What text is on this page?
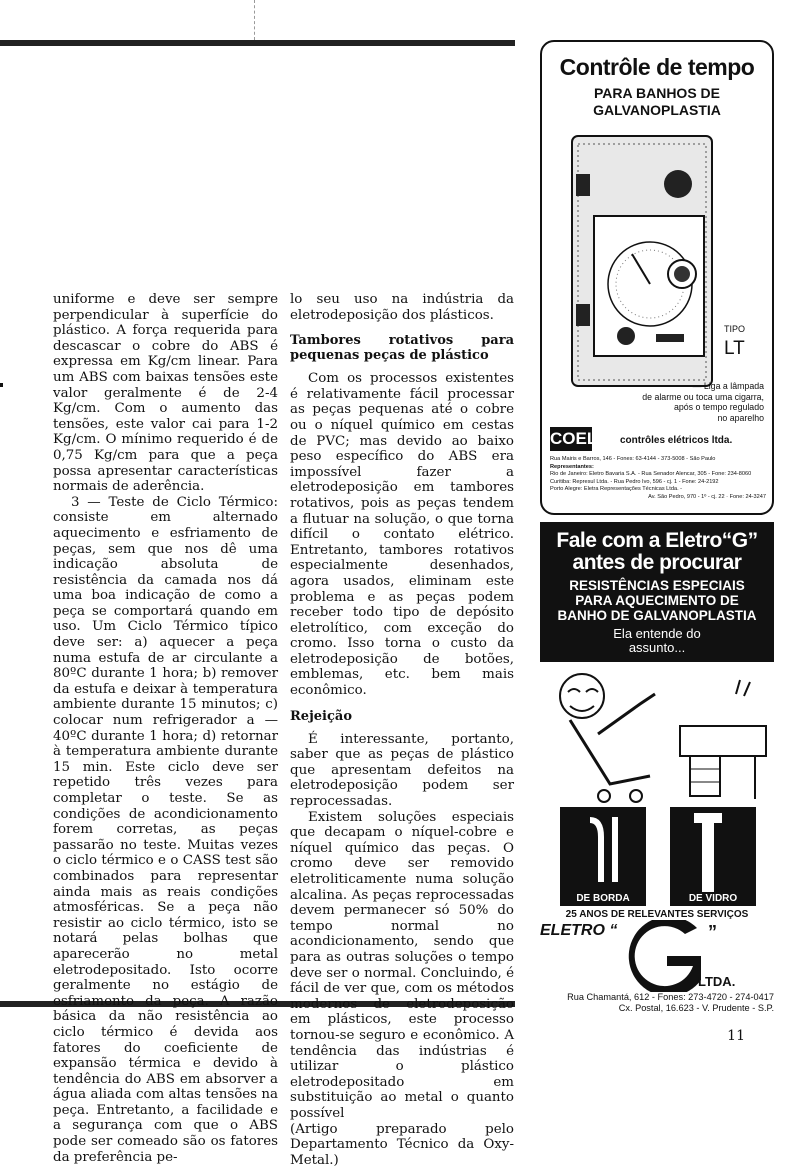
uniforme e deve ser sempre perpendicular à superfície do plástico. A força requerida para descascar o cobre do ABS é expressa em Kg/cm linear. Para um ABS com baixas tensões este valor geralmente é de 2-4 Kg/cm. Com o aumento das tensões, este valor cai para 1-2 Kg/cm. O mínimo requerido é de 0,75 Kg/cm para que a peça possa apresentar características normais de aderência.

3 — Teste de Ciclo Térmico: consiste em alternado aquecimento e esfriamento de peças, sem que nos dê uma indicação absoluta de resistência da camada nos dá uma boa indicação de como a peça se comportará quando em uso. Um Ciclo Térmico típico deve ser: a) aquecer a peça numa estufa de ar circulante a 80ºC durante 1 hora; b) remover da estufa e deixar à temperatura ambiente durante 15 minutos; c) colocar num refrigerador a — 40ºC durante 1 hora; d) retornar à temperatura ambiente durante 15 min. Este ciclo deve ser repetido três vezes para completar o teste. Se as condições de acondicionamento forem corretas, as peças passarão no teste. Muitas vezes o ciclo térmico e o CASS test são combinados para representar ainda mais as reais condições atmosféricas. Se a peça não resistir ao ciclo térmico, isto se notará pelas bolhas que aparecerão no metal eletrodepositado. Isto ocorre geralmente no estágio de esfriamento da peça. A razão básica da não resistência ao ciclo térmico é devida aos fatores do coeficiente de expansão térmica e devido à tendência do ABS em absorver a água aliada com altas tensões na peça. Entretanto, a facilidade e a segurança com que o ABS pode ser comeado são os fatores da preferência pe-

lo seu uso na indústria da eletrodeposição dos plásticos.

Tambores rotativos para pequenas peças de plástico

Com os processos existentes é relativamente fácil processar as peças pequenas até o cobre ou o níquel químico em cestas de PVC; mas devido ao baixo peso específico do ABS era impossível fazer a eletrodeposição em tambores rotativos, pois as peças tendem a flutuar na solução, o que torna difícil o contato elétrico. Entretanto, tambores rotativos especialmente desenhados, agora usados, eliminam este problema e as peças podem receber todo tipo de depósito eletrolítico, com exceção do cromo. Isso torna o custo da eletrodeposição de botões, emblemas, etc. bem mais econômico.

Rejeição

É interessante, portanto, saber que as peças de plástico que apresentam defeitos na eletrodeposição podem ser reprocessadas.

Existem soluções especiais que decapam o níquel-cobre e níquel químico das peças. O cromo deve ser removido eletroliticamente numa solução alcalina. As peças reprocessadas devem permanecer só 50% do tempo normal no acondicionamento, sendo que para as outras soluções o tempo deve ser o normal. Concluindo, é fácil de ver que, com os métodos modernos de eletrodeposição em plásticos, este processo tornou-se seguro e econômico. A tendência das indústrias é utilizar o plástico eletrodepositado em substituição ao metal o quanto possível

(Artigo preparado pelo Departamento Técnico da Oxy-Metal.)

Contrôle de tempo
PARA BANHOS DE
GALVANOPLASTIA
TIPO
LT
— Liga a lâmpada
de alarme ou toca uma cigarra,
após o tempo regulado
no aparelho
COEL contrôles elétricos ltda.
Rua Mairis e Barros, 146 - Fones: 63-4144 - 373-5008 - São Paulo
Representantes:
Rio de Janeiro: Eletro Bavaria S.A. - Rua Senador Alencar, 305 - Fone: 234-8060
Curitiba: Represul Ltda. - Rua Pedro Ivo, 596 - cj. 1 - Fone: 24-2192
Porto Alegre: Eletra Representações Técnicas Ltda. -
Av. São Pedro, 970 - 1º - cj. 22 · Fone: 24-3247
Fale com a Eletro“G”
antes de procurar
RESISTÊNCIAS ESPECIAIS
PARA AQUECIMENTO DE
BANHO DE GALVANOPLASTIA
Ela entende do
assunto...
DE BORDA	DE VIDRO
25 ANOS DE RELEVANTES SERVIÇOS
ELETRO “	”
LTDA.
Rua Chamantá, 612 - Fones: 273-4720 - 274-0417
Cx. Postal, 16.623 - V. Prudente - S.P.
11
